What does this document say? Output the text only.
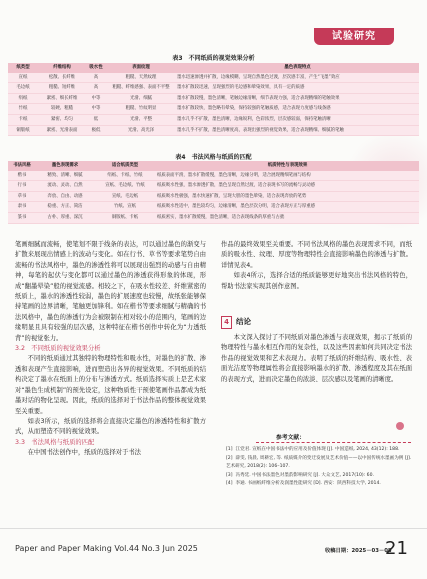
试验研究
表3　不同纸质的视觉效果分析
纸类型	纤维结构	吸水性	表面纹理	墨色表现特点
宣纸	松散、长纤维	高	粗糙、天然纹理	墨水迅速渗透并扩散，边缘模糊，呈现自然墨色过渡，层次感丰富，产生“飞墨”效应
毛边纸	粗糙、短纤维	高	粗糙、纤维感强、表面不平整	墨水扩散较迅速，呈现强烈的毛边感和晕染效果，具有一定的质感
绢纸	紧密、细长纤维	中等	光滑、细腻	墨水扩散较慢，墨色清晰，笔触边缘清晰，细节表现力强，适合表现精细的笔触效果
竹纸	较硬、粗糙	中等	粗糙、竹纹明显	墨水扩散较快，墨色略有晕染，保持较强的笔触质感，适合表现力度感与线条感
卡纸	紧密、均匀	低	光滑、平整	墨水几乎不扩散，墨色清晰，边缘锐利，色彩浓烈，层次感较弱，保持笔触清晰
铜版纸	紧密、光滑表面	极低	光滑、高光泽	墨水几乎不扩散，墨色清晰度高，表现出强烈的视觉效果，适合表现精细、细腻的笔触
表4　书法风格与纸质的匹配
书法风格	墨色表现需求	适合纸质类型	纸质特性与表现效果
楷书	精致、清晰、细腻	绢纸、卡纸、竹纸	纸质表面平滑，墨水扩散缓慢，墨色清晰，边缘分明，适合展现精细笔画与结构
行书	流动、灵动、自然	宣纸、毛边纸、竹纸	纸质吸水性强，墨水渗透扩散，墨色呈现自然过渡，适合表现书写的流畅与灵动感
草书	奔放、自由、动感	宣纸、毛边纸	纸质吸水性极强，墨水快速扩散，呈现大胆的墨色晕染，适合表现奔放的笔势
隶书	稳重、方正、简洁	竹纸、宣纸	纸质吸水性适中，墨色较均匀，边缘清晰，墨色层次分明，适合表现方正与厚重感
篆书	古朴、厚重、深沉	铜版纸、卡纸	纸质密实，墨水扩散缓慢，墨色清晰，适合表现线条的厚重与古拙

笔画细腻而流畅，使笔划不限于线条的表达，可以通过墨色的渐变与扩散来展现出情感上的波动与变化。如在行书、草书等要求笔势自由流畅的书法风格中，墨色的渗透性将可以展现出强烈的动感与自由精神，每笔的起伏与变化都可以通过墨色的渗透获得形象的体现，形成“翻墨晕染”般的视觉流感。相较之下，在吸水性较差、纤维紧密的纸质上，墨水的渗透性较弱，墨色的扩展速度也较慢，故纸张能够保持笔画的边界清晰，笔触更加锋利。如在楷书等要求细腻与精确的书法风格中，墨色的渗透行为会被限制在相对较小的范围内，笔画的边缘明显且具有较强的层次感，这种特征在楷书创作中转化为“力透纸背”的视觉张力。

3.2　不同纸质的视觉效果分析

不同的纸质通过其独特的物理特性和吸水性，对墨色的扩散、渗透和表现产生直接影响，进而塑造出各异的视觉效果。不同纸质的结构决定了墨水在纸面上的分布与渗透方式。纸质选择实质上是艺术家对“墨色生成机制”的预先设定，这种物质性干预使笔画作品都成为纸墨对话的物化呈现。因此，纸质的选择对于书法作品的整体视觉效果至关重要。

如表3所示，纸质的选择将会直接决定墨色的渗透特性和扩散方式，从而塑造不同的视觉效果。

3.3　书法风格与纸质的匹配

在中国书法创作中，纸质的选择对于书法

作品的最终效果至关重要。不同书法风格的墨色表现需求不同，而纸质的吸水性、纹理、厚度等物理特性会直接影响墨色的渗透与扩散。详情见表4。

如表4所示，选择合适的纸质能够更好地突出书法风格的特色，帮助书法家实现其创作意图。

4 结论

本文深入探讨了不同纸质对墨色渗透与表现效果，揭示了纸质的物理特性与墨水相互作用的复杂性，以及这些因素如何共同决定书法作品的视觉效果和艺术表现力。表明了纸质的纤维结构、吸水性、表面光洁度等物理属性将会直接影响墨水的扩散、渗透程度及其在纸面的表现方式，进而决定墨色的浓淡、层次感以及笔画的清晰度。

参考文献：
[1] 江党君. 宣纸在中国书法中的应用及价值体现 [J]. 中国造纸, 2024, 43(12): 188.
[2] 薛雯, 钱晨, 周耕宏, 等. 纸质媒介的变迁发展及艺术价值——以中国传统水墨画为例 [J]. 艺术研究, 2018(2): 106–107.
[3] 冯秀廷. 中国书法墨色对墨韵影响研究 [J]. 大众文艺, 2017(10): 60.
[4] 李通. 书画纸纤维分析及润墨性能研究 [D]. 西安：陕西科技大学, 2014.
收稿日期：2025－03－08
Paper and Paper Making Vol.44 No.3 Jun 2025	21
